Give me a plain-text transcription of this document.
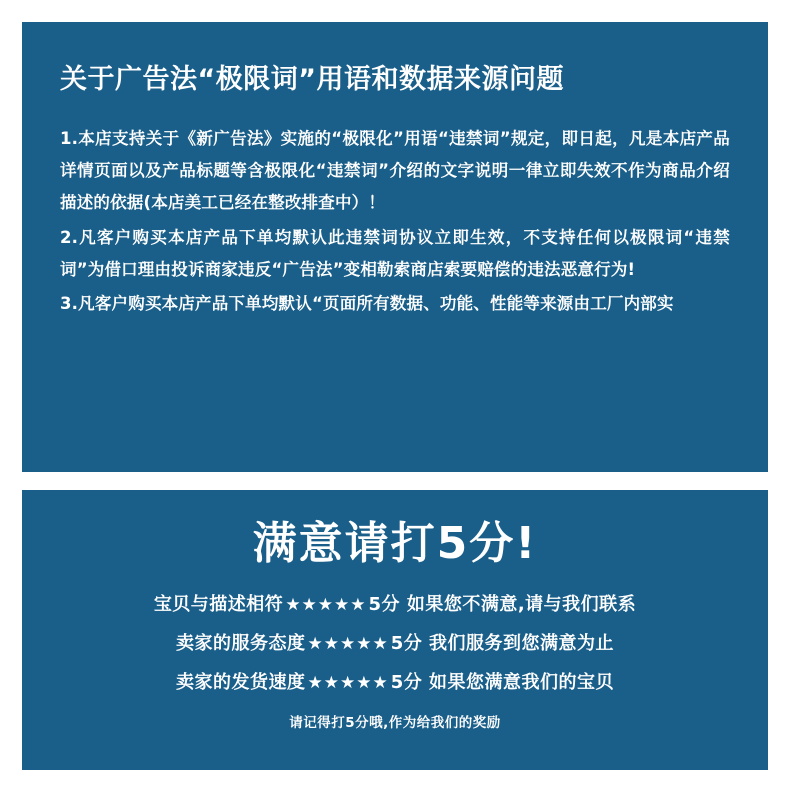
关于广告法“极限词”用语和数据来源问题

1.本店支持关于《新广告法》实施的“极限化”用语“违禁词”规定，即日起，凡是本店产品详情页面以及产品标题等含极限化“违禁词”介绍的文字说明一律立即失效不作为商品介绍描述的依据(本店美工已经在整改排查中）！

2.凡客户购买本店产品下单均默认此违禁词协议立即生效，不支持任何以极限词“违禁词”为借口理由投诉商家违反“广告法”变相勒索商店索要赔偿的违法恶意行为!

3.凡客户购买本店产品下单均默认“页面所有数据、功能、性能等来源由工厂内部实

满意请打5分!

宝贝与描述相符 ★★★★★ 5分 如果您不满意,请与我们联系

卖家的服务态度 ★★★★★ 5分 我们服务到您满意为止

卖家的发货速度 ★★★★★ 5分 如果您满意我们的宝贝

请记得打5分哦,作为给我们的奖励
